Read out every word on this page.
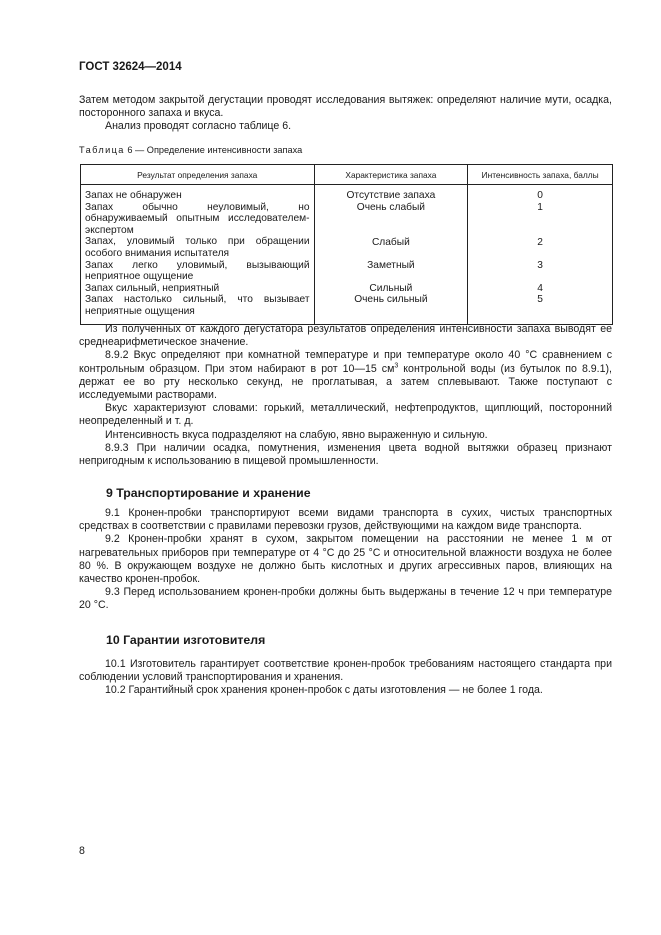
ГОСТ 32624—2014

Затем методом закрытой дегустации проводят исследования вытяжек: определяют наличие мути, осадка, посторонного запаха и вкуса.

Анализ проводят согласно таблице 6.

Таблица 6 — Определение интенсивности запаха
Результат определения запаха	Характеристика запаха	Интенсивность запаха, баллы
Запах не обнаружен	Отсутствие запаха	0
Запах обычно неуловимый, но обнаруживаемый опытным исследователем-экспертом	Очень слабый	1
Запах, уловимый только при обращении особого внимания испытателя	Слабый	2
Запах легко уловимый, вызывающий неприятное ощущение	Заметный	3
Запах сильный, неприятный	Сильный	4
Запах настолько сильный, что вызывает неприятные ощущения	Очень сильный	5

Из полученных от каждого дегустатора результатов определения интенсивности запаха выводят ее среднеарифметическое значение.

8.9.2 Вкус определяют при комнатной температуре и при температуре около 40 °С сравнением с контрольным образцом. При этом набирают в рот 10—15 $см^3$ контрольной воды (из бутылок по 8.9.1), держат ее во рту несколько секунд, не проглатывая, а затем сплевывают. Также поступают с исследуемыми растворами.

Вкус характеризуют словами: горький, металлический, нефтепродуктов, щиплющий, посторонний неопределенный и т. д.

Интенсивность вкуса подразделяют на слабую, явно выраженную и сильную.

8.9.3 При наличии осадка, помутнения, изменения цвета водной вытяжки образец признают непригодным к использованию в пищевой промышленности.

9 Транспортирование и хранение

9.1 Кронен-пробки транспортируют всеми видами транспорта в сухих, чистых транспортных средствах в соответствии с правилами перевозки грузов, действующими на каждом виде транспорта.

9.2 Кронен-пробки хранят в сухом, закрытом помещении на расстоянии не менее 1 м от нагревательных приборов при температуре от 4 °С до 25 °С и относительной влажности воздуха не более 80 %. В окружающем воздухе не должно быть кислотных и других агрессивных паров, влияющих на качество кронен-пробок.

9.3 Перед использованием кронен-пробки должны быть выдержаны в течение 12 ч при температуре 20 °С.

10 Гарантии изготовителя

10.1 Изготовитель гарантирует соответствие кронен-пробок требованиям настоящего стандарта при соблюдении условий транспортирования и хранения.

10.2 Гарантийный срок хранения кронен-пробок с даты изготовления — не более 1 года.

8
